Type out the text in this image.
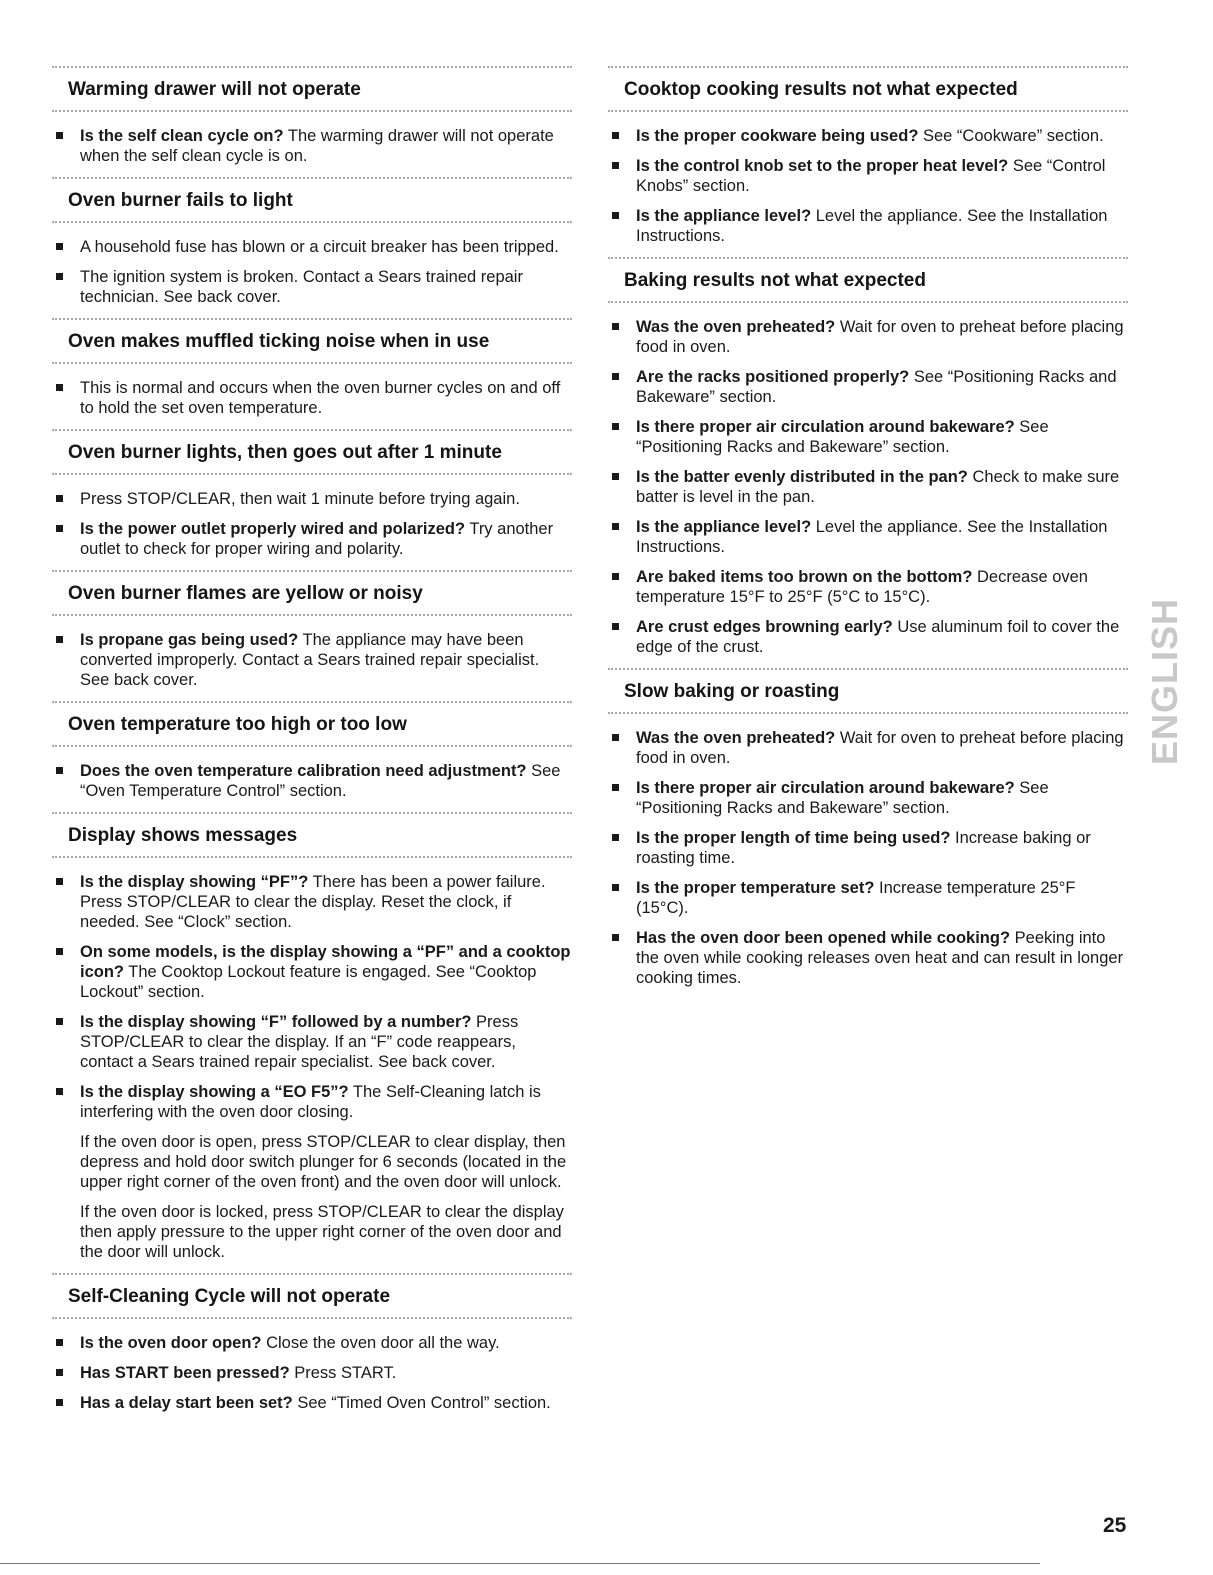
Warming drawer will not operate
Is the self clean cycle on? The warming drawer will not operate when the self clean cycle is on.
Oven burner fails to light
A household fuse has blown or a circuit breaker has been tripped.
The ignition system is broken. Contact a Sears trained repair technician. See back cover.
Oven makes muffled ticking noise when in use
This is normal and occurs when the oven burner cycles on and off to hold the set oven temperature.
Oven burner lights, then goes out after 1 minute
Press STOP/CLEAR, then wait 1 minute before trying again.
Is the power outlet properly wired and polarized? Try another outlet to check for proper wiring and polarity.
Oven burner flames are yellow or noisy
Is propane gas being used? The appliance may have been converted improperly. Contact a Sears trained repair specialist. See back cover.
Oven temperature too high or too low
Does the oven temperature calibration need adjustment? See “Oven Temperature Control” section.
Display shows messages
Is the display showing “PF”? There has been a power failure. Press STOP/CLEAR to clear the display. Reset the clock, if needed. See “Clock” section.
On some models, is the display showing a “PF” and a cooktop icon? The Cooktop Lockout feature is engaged. See “Cooktop Lockout” section.
Is the display showing “F” followed by a number? Press STOP/CLEAR to clear the display. If an “F” code reappears, contact a Sears trained repair specialist. See back cover.
Is the display showing a “EO F5”? The Self-Cleaning latch is interfering with the oven door closing.
If the oven door is open, press STOP/CLEAR to clear display, then depress and hold door switch plunger for 6 seconds (located in the upper right corner of the oven front) and the oven door will unlock.
If the oven door is locked, press STOP/CLEAR to clear the display then apply pressure to the upper right corner of the oven door and the door will unlock.
Self-Cleaning Cycle will not operate
Is the oven door open? Close the oven door all the way.
Has START been pressed? Press START.
Has a delay start been set? See “Timed Oven Control” section.
Cooktop cooking results not what expected
Is the proper cookware being used? See “Cookware” section.
Is the control knob set to the proper heat level? See “Control Knobs” section.
Is the appliance level? Level the appliance. See the Installation Instructions.
Baking results not what expected
Was the oven preheated? Wait for oven to preheat before placing food in oven.
Are the racks positioned properly? See “Positioning Racks and Bakeware” section.
Is there proper air circulation around bakeware? See “Positioning Racks and Bakeware” section.
Is the batter evenly distributed in the pan? Check to make sure batter is level in the pan.
Is the appliance level? Level the appliance. See the Installation Instructions.
Are baked items too brown on the bottom? Decrease oven temperature 15°F to 25°F (5°C to 15°C).
Are crust edges browning early? Use aluminum foil to cover the edge of the crust.
Slow baking or roasting
Was the oven preheated? Wait for oven to preheat before placing food in oven.
Is there proper air circulation around bakeware? See “Positioning Racks and Bakeware” section.
Is the proper length of time being used? Increase baking or roasting time.
Is the proper temperature set? Increase temperature 25°F (15°C).
Has the oven door been opened while cooking? Peeking into the oven while cooking releases oven heat and can result in longer cooking times.
ENGLISH
25
